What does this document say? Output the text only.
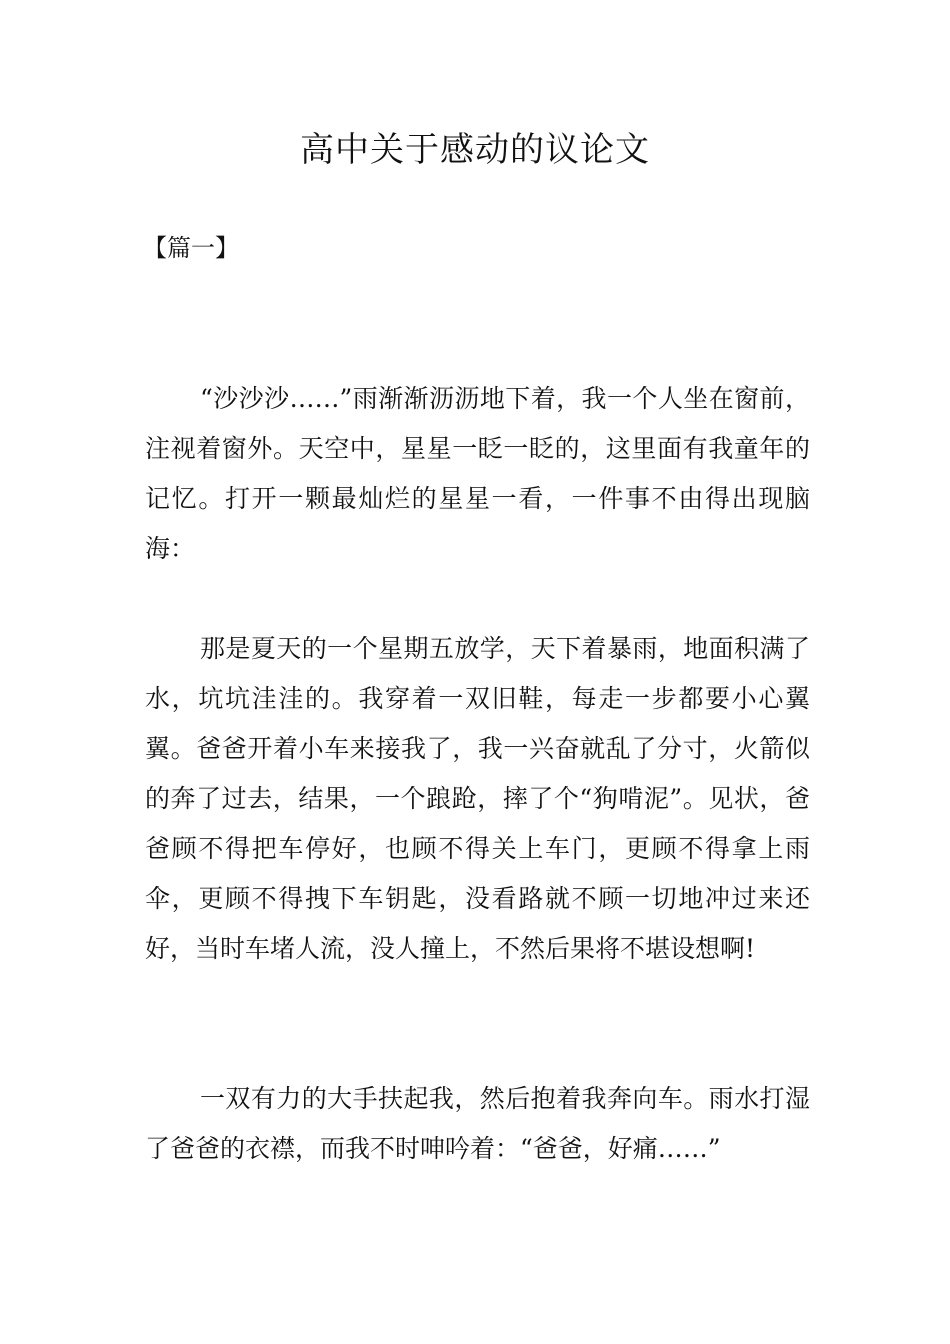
高中关于感动的议论文
【篇一】

“沙沙沙……”雨渐渐沥沥地下着，我一个人坐在窗前，注视着窗外。天空中，星星一眨一眨的，这里面有我童年的记忆。打开一颗最灿烂的星星一看，一件事不由得出现脑海：

那是夏天的一个星期五放学，天下着暴雨，地面积满了水，坑坑洼洼的。我穿着一双旧鞋，每走一步都要小心翼翼。爸爸开着小车来接我了，我一兴奋就乱了分寸，火箭似的奔了过去，结果，一个踉跄，摔了个“狗啃泥”。见状，爸爸顾不得把车停好，也顾不得关上车门，更顾不得拿上雨伞，更顾不得拽下车钥匙，没看路就不顾一切地冲过来还好，当时车堵人流，没人撞上，不然后果将不堪设想啊!

一双有力的大手扶起我，然后抱着我奔向车。雨水打湿了爸爸的衣襟，而我不时呻吟着：“爸爸，好痛……”
